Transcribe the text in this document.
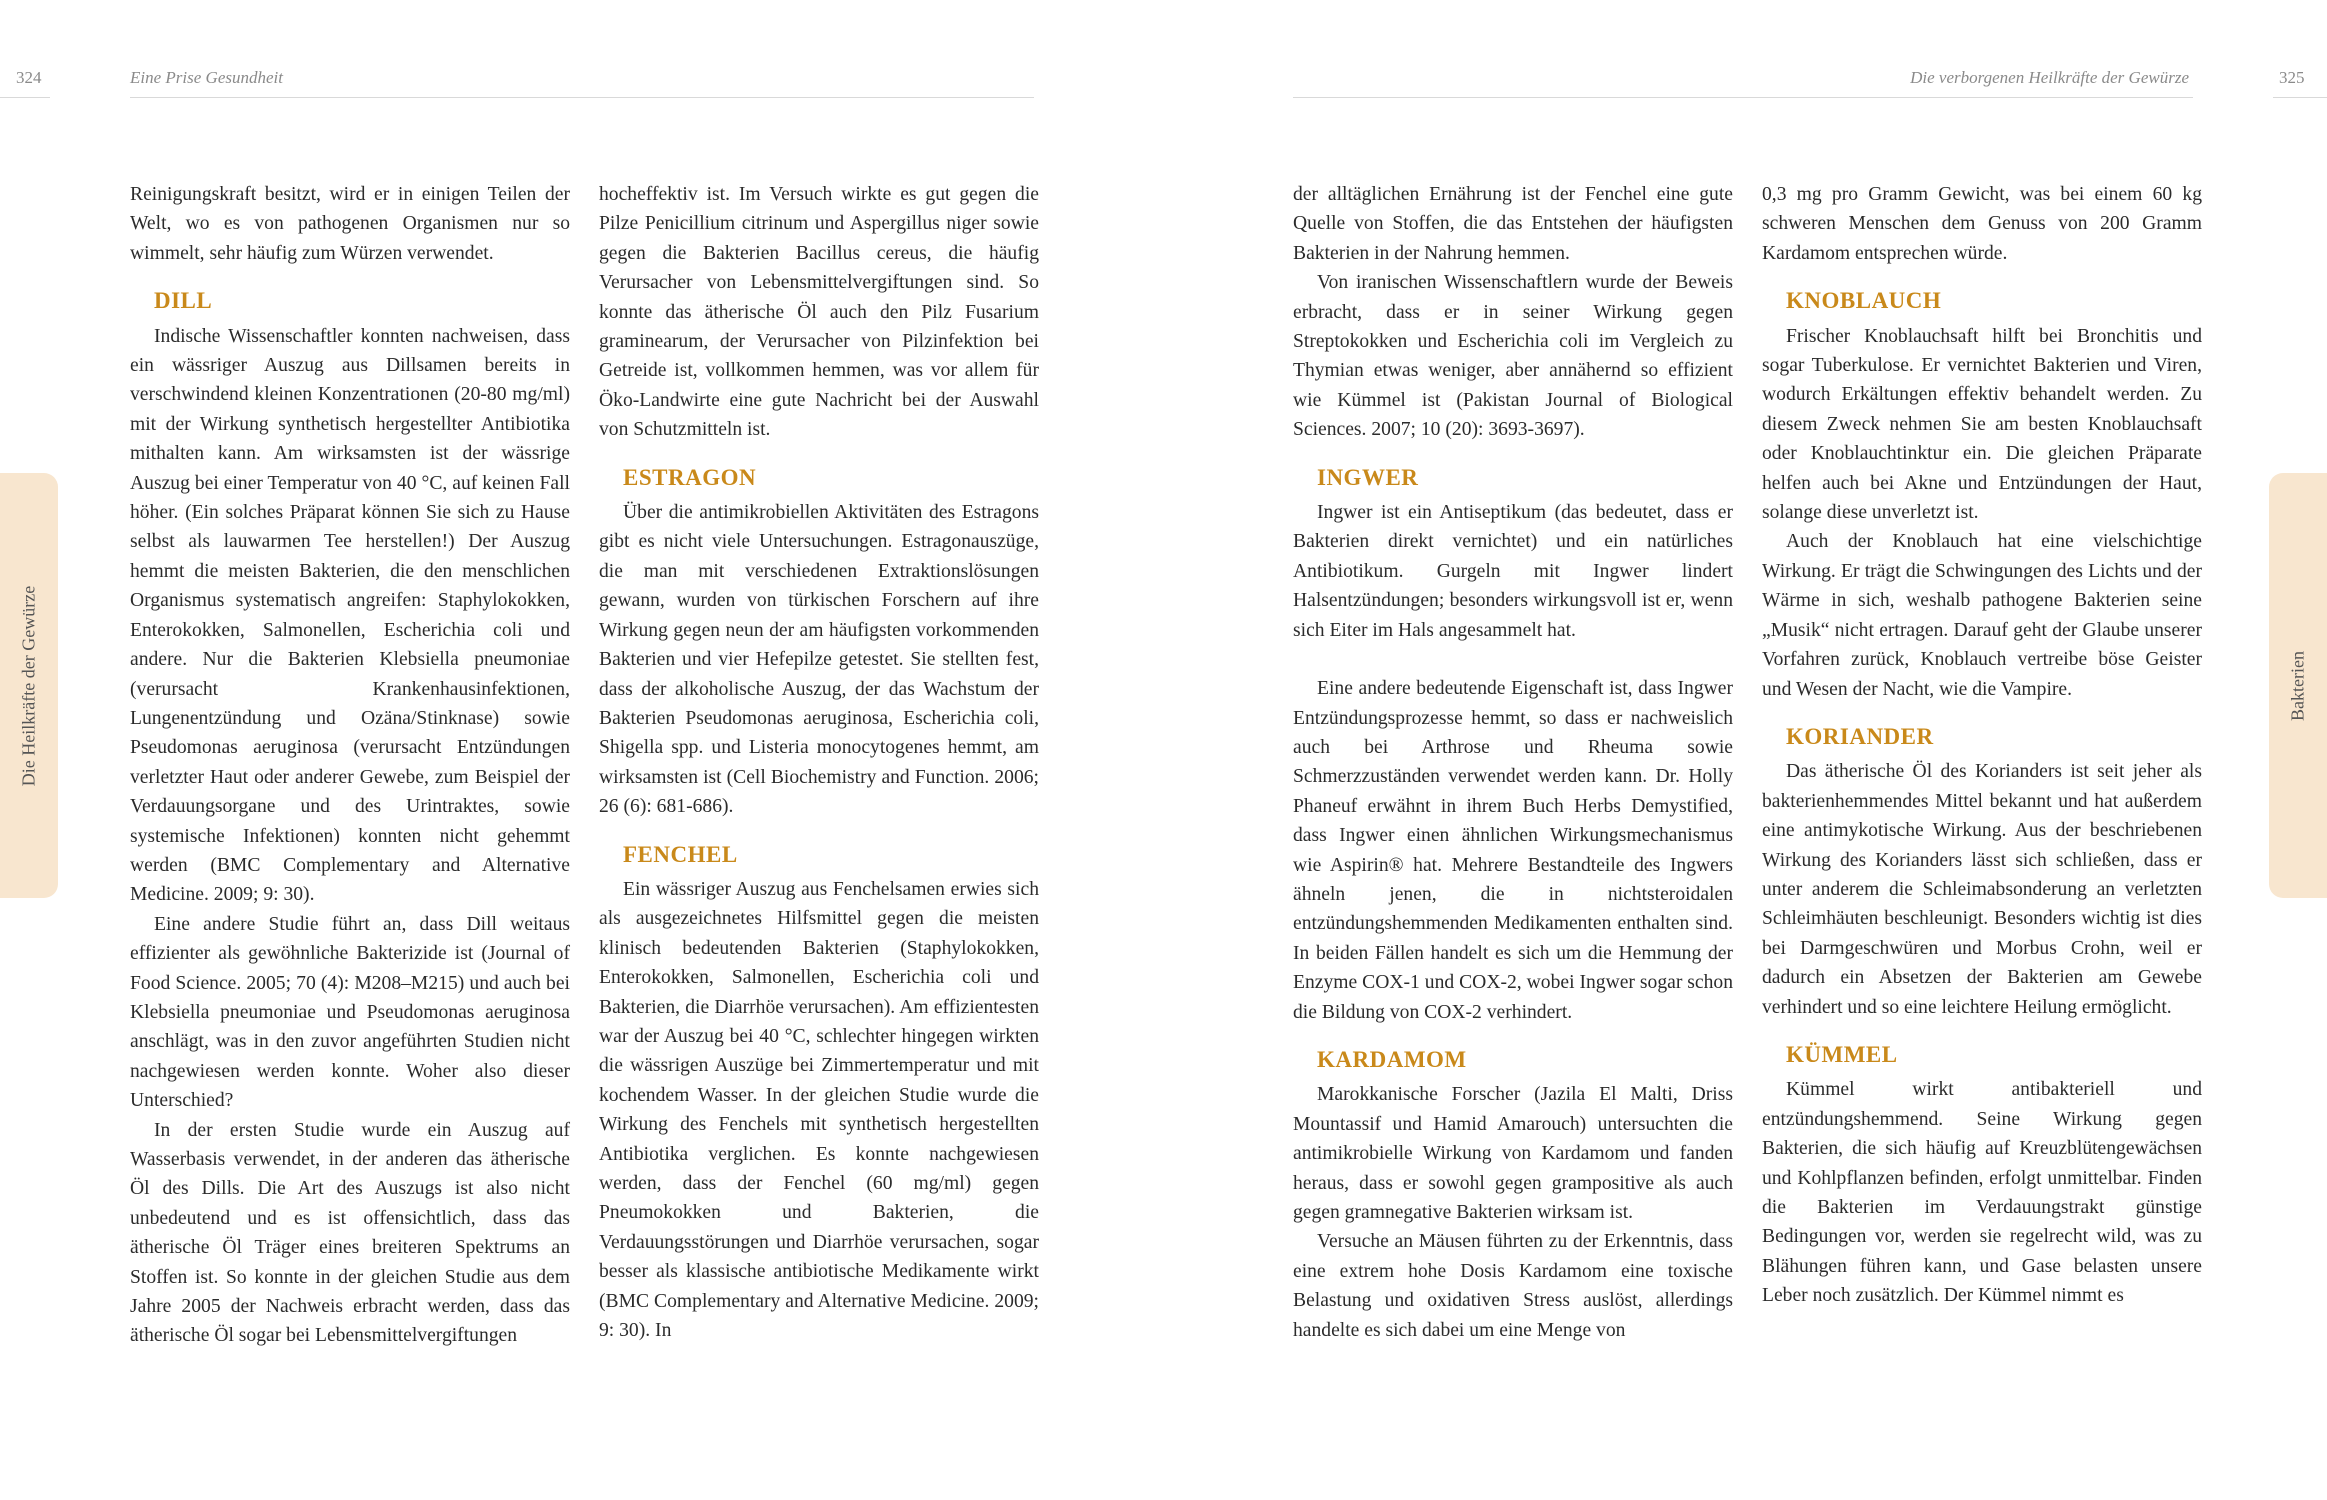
324	Eine Prise Gesundheit
Die Heilkräfte der Gewürze

Reinigungskraft besitzt, wird er in einigen Teilen der Welt, wo es von pathogenen Organismen nur so wimmelt, sehr häufig zum Würzen verwendet.

DILL

Indische Wissenschaftler konnten nachweisen, dass ein wässriger Auszug aus Dillsamen bereits in verschwindend kleinen Konzentrationen (20-80 mg/ml) mit der Wirkung synthetisch hergestellter Antibiotika mithalten kann. Am wirksamsten ist der wässrige Auszug bei einer Temperatur von 40 °C, auf keinen Fall höher. (Ein solches Präparat können Sie sich zu Hause selbst als lauwarmen Tee herstellen!) Der Auszug hemmt die meisten Bakterien, die den menschlichen Organismus systematisch angreifen: Staphylokokken, Enterokokken, Salmonellen, Escherichia coli und andere. Nur die Bakterien Klebsiella pneumoniae (verursacht Krankenhausinfektionen, Lungenentzündung und Ozäna/Stinknase) sowie Pseudomonas aeruginosa (verursacht Entzündungen verletzter Haut oder anderer Gewebe, zum Beispiel der Verdauungsorgane und des Urintraktes, sowie systemische Infektionen) konnten nicht gehemmt werden (BMC Complementary and Alternative Medicine. 2009; 9: 30).

Eine andere Studie führt an, dass Dill weitaus effizienter als gewöhnliche Bakterizide ist (Journal of Food Science. 2005; 70 (4): M208–M215) und auch bei Klebsiella pneumoniae und Pseudomonas aeruginosa anschlägt, was in den zuvor angeführten Studien nicht nachgewiesen werden konnte. Woher also dieser Unterschied?

In der ersten Studie wurde ein Auszug auf Wasserbasis verwendet, in der anderen das ätherische Öl des Dills. Die Art des Auszugs ist also nicht unbedeutend und es ist offensichtlich, dass das ätherische Öl Träger eines breiteren Spektrums an Stoffen ist. So konnte in der gleichen Studie aus dem Jahre 2005 der Nachweis erbracht werden, dass das ätherische Öl sogar bei Lebensmittelvergiftungen

hocheffektiv ist. Im Versuch wirkte es gut gegen die Pilze Penicillium citrinum und Aspergillus niger sowie gegen die Bakterien Bacillus cereus, die häufig Verursacher von Lebensmittelvergiftungen sind. So konnte das ätherische Öl auch den Pilz Fusarium graminearum, der Verursacher von Pilzinfektion bei Getreide ist, vollkommen hemmen, was vor allem für Öko-Landwirte eine gute Nachricht bei der Auswahl von Schutzmitteln ist.

ESTRAGON

Über die antimikrobiellen Aktivitäten des Estragons gibt es nicht viele Untersuchungen. Estragonauszüge, die man mit verschiedenen Extraktionslösungen gewann, wurden von türkischen Forschern auf ihre Wirkung gegen neun der am häufigsten vorkommenden Bakterien und vier Hefepilze getestet. Sie stellten fest, dass der alkoholische Auszug, der das Wachstum der Bakterien Pseudomonas aeruginosa, Escherichia coli, Shigella spp. und Listeria monocytogenes hemmt, am wirksamsten ist (Cell Biochemistry and Function. 2006; 26 (6): 681-686).

FENCHEL

Ein wässriger Auszug aus Fenchelsamen erwies sich als ausgezeichnetes Hilfsmittel gegen die meisten klinisch bedeutenden Bakterien (Staphylokokken, Enterokokken, Salmonellen, Escherichia coli und Bakterien, die Diarrhöe verursachen). Am effizientesten war der Auszug bei 40 °C, schlechter hingegen wirkten die wässrigen Auszüge bei Zimmertemperatur und mit kochendem Wasser. In der gleichen Studie wurde die Wirkung des Fenchels mit synthetisch hergestellten Antibiotika verglichen. Es konnte nachgewiesen werden, dass der Fenchel (60 mg/ml) gegen Pneumokokken und Bakterien, die Verdauungsstörungen und Diarrhöe verursachen, sogar besser als klassische antibiotische Medikamente wirkt (BMC Complementary and Alternative Medicine. 2009; 9: 30). In

Die verborgenen Heilkräfte der Gewürze	325
Bakterien

der alltäglichen Ernährung ist der Fenchel eine gute Quelle von Stoffen, die das Entstehen der häufigsten Bakterien in der Nahrung hemmen.

Von iranischen Wissenschaftlern wurde der Beweis erbracht, dass er in seiner Wirkung gegen Streptokokken und Escherichia coli im Vergleich zu Thymian etwas weniger, aber annähernd so effizient wie Kümmel ist (Pakistan Journal of Biological Sciences. 2007; 10 (20): 3693-3697).

INGWER

Ingwer ist ein Antiseptikum (das bedeutet, dass er Bakterien direkt vernichtet) und ein natürliches Antibiotikum. Gurgeln mit Ingwer lindert Halsentzündungen; besonders wirkungsvoll ist er, wenn sich Eiter im Hals angesammelt hat.

Eine andere bedeutende Eigenschaft ist, dass Ingwer Entzündungsprozesse hemmt, so dass er nachweislich auch bei Arthrose und Rheuma sowie Schmerzzuständen verwendet werden kann. Dr. Holly Phaneuf erwähnt in ihrem Buch Herbs Demystified, dass Ingwer einen ähnlichen Wirkungsmechanismus wie Aspirin® hat. Mehrere Bestandteile des Ingwers ähneln jenen, die in nichtsteroidalen entzündungshemmenden Medikamenten enthalten sind. In beiden Fällen handelt es sich um die Hemmung der Enzyme COX-1 und COX-2, wobei Ingwer sogar schon die Bildung von COX-2 verhindert.

KARDAMOM

Marokkanische Forscher (Jazila El Malti, Driss Mountassif und Hamid Amarouch) untersuchten die antimikrobielle Wirkung von Kardamom und fanden heraus, dass er sowohl gegen grampositive als auch gegen gramnegative Bakterien wirksam ist.

Versuche an Mäusen führten zu der Erkenntnis, dass eine extrem hohe Dosis Kardamom eine toxische Belastung und oxidativen Stress auslöst, allerdings handelte es sich dabei um eine Menge von

0,3 mg pro Gramm Gewicht, was bei einem 60 kg schweren Menschen dem Genuss von 200 Gramm Kardamom entsprechen würde.

KNOBLAUCH

Frischer Knoblauchsaft hilft bei Bronchitis und sogar Tuberkulose. Er vernichtet Bakterien und Viren, wodurch Erkältungen effektiv behandelt werden. Zu diesem Zweck nehmen Sie am besten Knoblauchsaft oder Knoblauchtinktur ein. Die gleichen Präparate helfen auch bei Akne und Entzündungen der Haut, solange diese unverletzt ist.

Auch der Knoblauch hat eine vielschichtige Wirkung. Er trägt die Schwingungen des Lichts und der Wärme in sich, weshalb pathogene Bakterien seine „Musik“ nicht ertragen. Darauf geht der Glaube unserer Vorfahren zurück, Knoblauch vertreibe böse Geister und Wesen der Nacht, wie die Vampire.

KORIANDER

Das ätherische Öl des Korianders ist seit jeher als bakterienhemmendes Mittel bekannt und hat außerdem eine antimykotische Wirkung. Aus der beschriebenen Wirkung des Korianders lässt sich schließen, dass er unter anderem die Schleimabsonderung an verletzten Schleimhäuten beschleunigt. Besonders wichtig ist dies bei Darmgeschwüren und Morbus Crohn, weil er dadurch ein Absetzen der Bakterien am Gewebe verhindert und so eine leichtere Heilung ermöglicht.

KÜMMEL

Kümmel wirkt antibakteriell und entzündungshemmend. Seine Wirkung gegen Bakterien, die sich häufig auf Kreuzblütengewächsen und Kohlpflanzen befinden, erfolgt unmittelbar. Finden die Bakterien im Verdauungstrakt günstige Bedingungen vor, werden sie regelrecht wild, was zu Blähungen führen kann, und Gase belasten unsere Leber noch zusätzlich. Der Kümmel nimmt es
